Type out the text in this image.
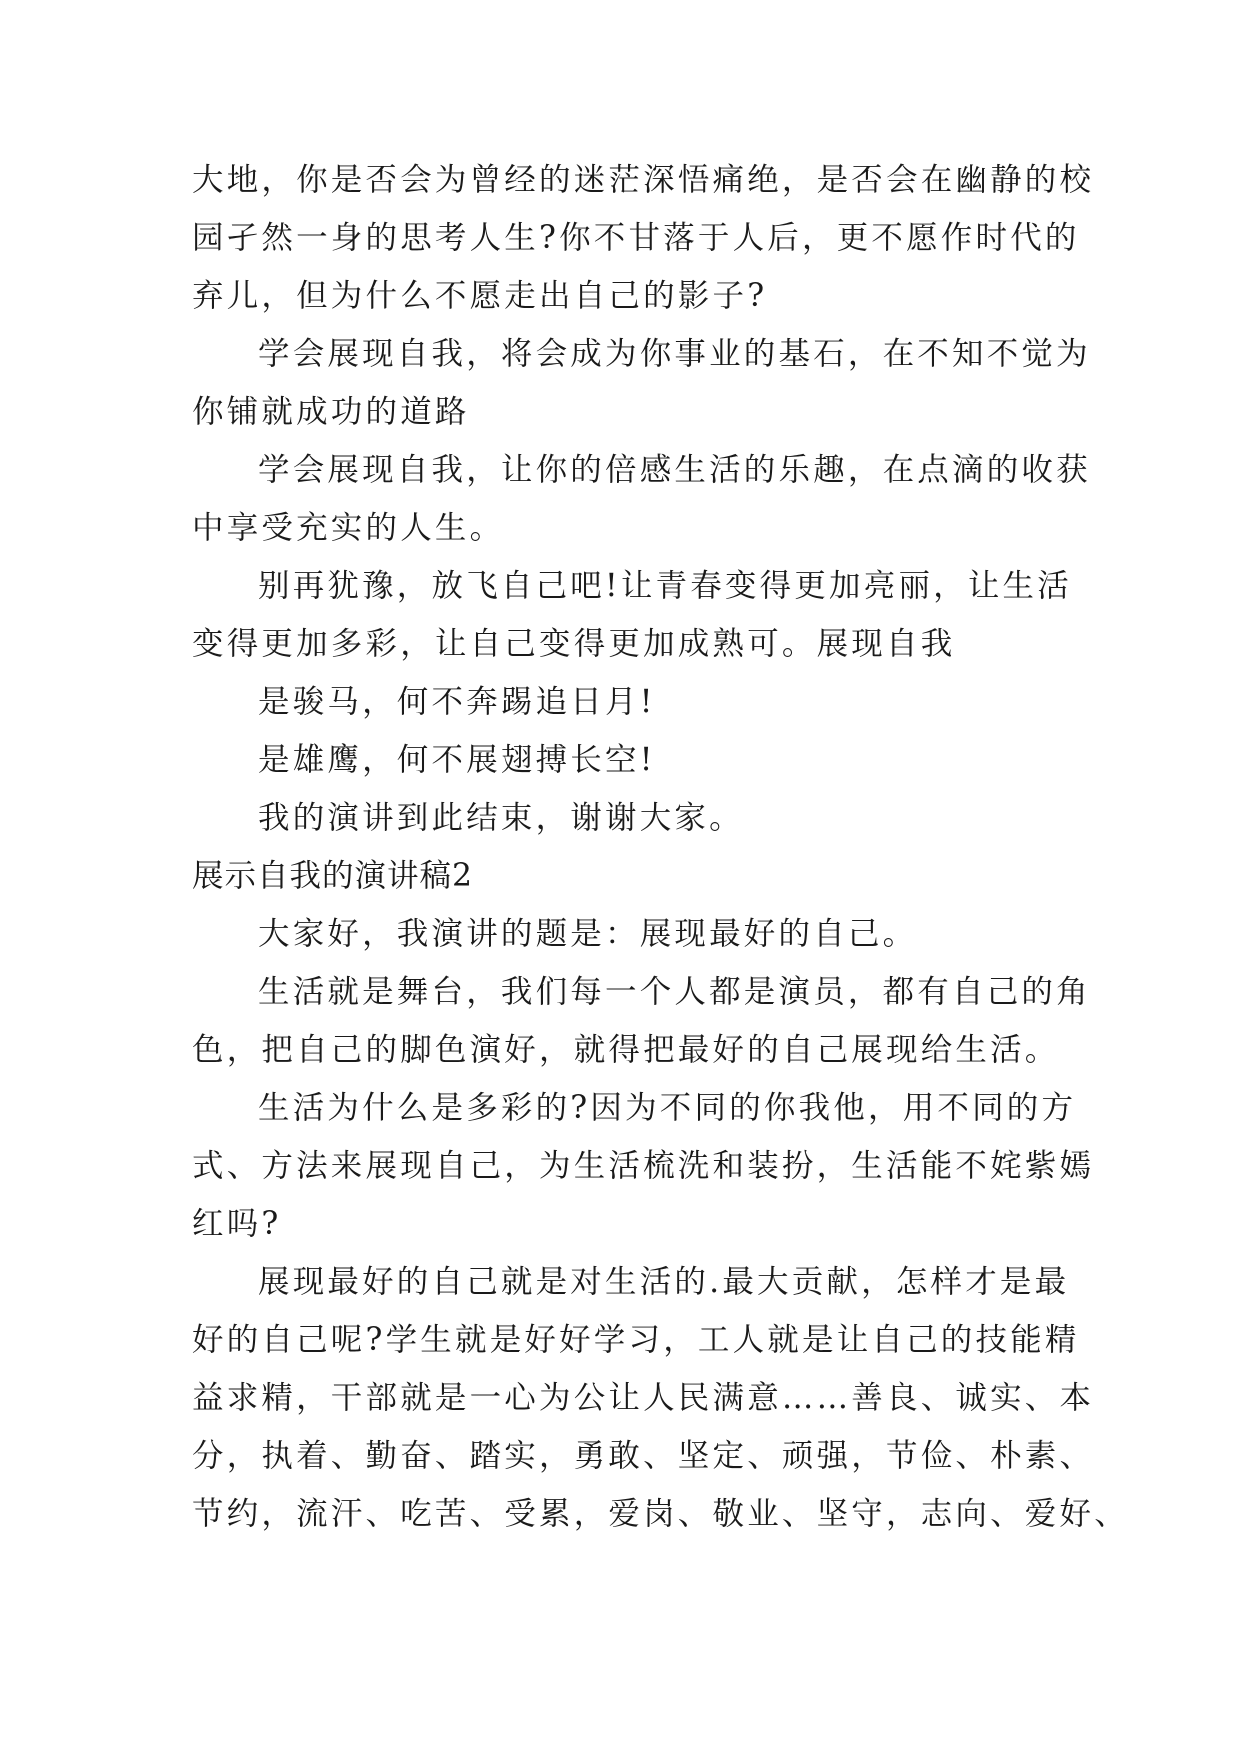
大地，你是否会为曾经的迷茫深悟痛绝，是否会在幽静的校
园孑然一身的思考人生?你不甘落于人后，更不愿作时代的
弃儿，但为什么不愿走出自己的影子?
学会展现自我，将会成为你事业的基石，在不知不觉为
你铺就成功的道路
学会展现自我，让你的倍感生活的乐趣，在点滴的收获
中享受充实的人生。
别再犹豫，放飞自己吧!让青春变得更加亮丽，让生活
变得更加多彩，让自己变得更加成熟可。展现自我
是骏马，何不奔踢追日月!
是雄鹰，何不展翅搏长空!
我的演讲到此结束，谢谢大家。
展示自我的演讲稿2
大家好，我演讲的题是：展现最好的自己。
生活就是舞台，我们每一个人都是演员，都有自己的角
色，把自己的脚色演好，就得把最好的自己展现给生活。
生活为什么是多彩的?因为不同的你我他，用不同的方
式、方法来展现自己，为生活梳洗和装扮，生活能不姹紫嫣
红吗?
展现最好的自己就是对生活的.最大贡献，怎样才是最
好的自己呢?学生就是好好学习，工人就是让自己的技能精
益求精，干部就是一心为公让人民满意……善良、诚实、本
分，执着、勤奋、踏实，勇敢、坚定、顽强，节俭、朴素、
节约，流汗、吃苦、受累，爱岗、敬业、坚守，志向、爱好、
